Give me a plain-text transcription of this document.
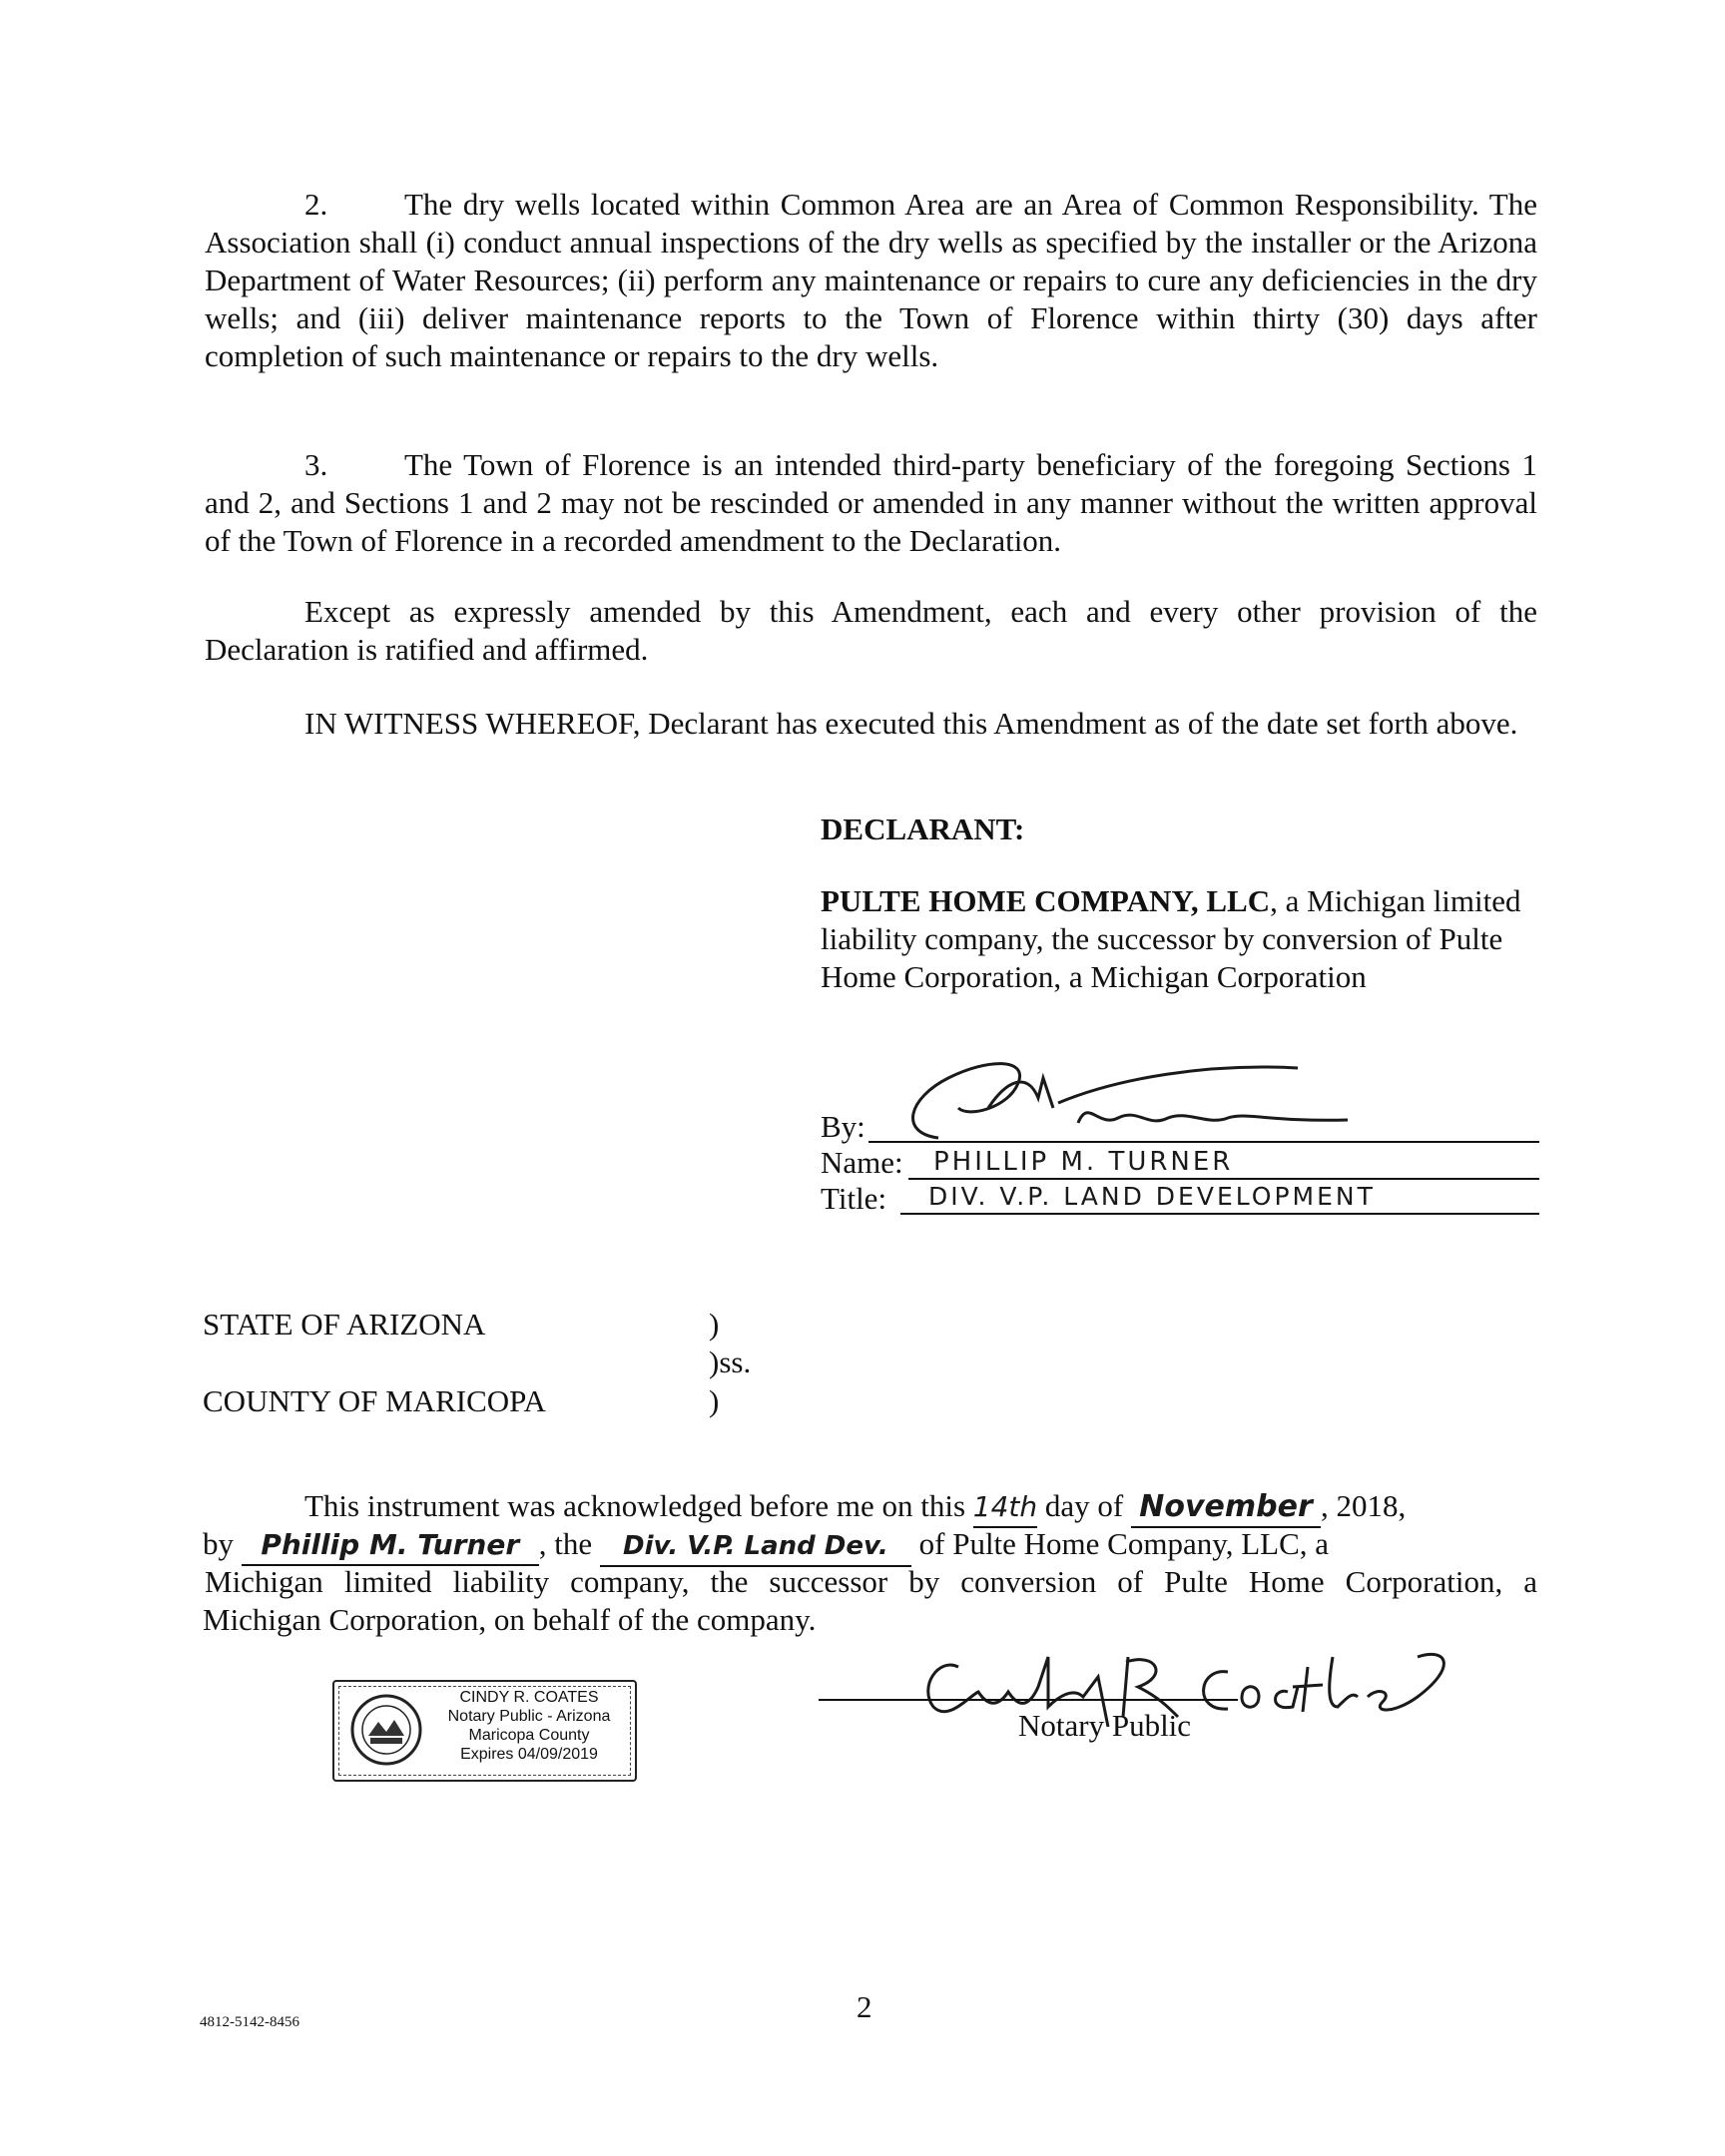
2. The dry wells located within Common Area are an Area of Common Responsibility. The Association shall (i) conduct annual inspections of the dry wells as specified by the installer or the Arizona Department of Water Resources; (ii) perform any maintenance or repairs to cure any deficiencies in the dry wells; and (iii) deliver maintenance reports to the Town of Florence within thirty (30) days after completion of such maintenance or repairs to the dry wells.
3. The Town of Florence is an intended third-party beneficiary of the foregoing Sections 1 and 2, and Sections 1 and 2 may not be rescinded or amended in any manner without the written approval of the Town of Florence in a recorded amendment to the Declaration.
Except as expressly amended by this Amendment, each and every other provision of the Declaration is ratified and affirmed.
IN WITNESS WHEREOF, Declarant has executed this Amendment as of the date set forth above.
DECLARANT:
PULTE HOME COMPANY, LLC, a Michigan limited liability company, the successor by conversion of Pulte Home Corporation, a Michigan Corporation
By:
Name:	PHILLIP M. TURNER
Title:	DIV. V.P. LAND DEVELOPMENT
STATE OF ARIZONA	)
)ss.
COUNTY OF MARICOPA	)
This instrument was acknowledged before me on this 14th day of November , 2018,
by Phillip M. Turner , the Div. V.P. Land Dev. of Pulte Home Company, LLC, a
Michigan limited liability company, the successor by conversion of Pulte Home Corporation, a
Michigan Corporation, on behalf of the company.
Notary Public
CINDY R. COATES
Notary Public - Arizona
Maricopa County
Expires 04/09/2019
2
4812-5142-8456
